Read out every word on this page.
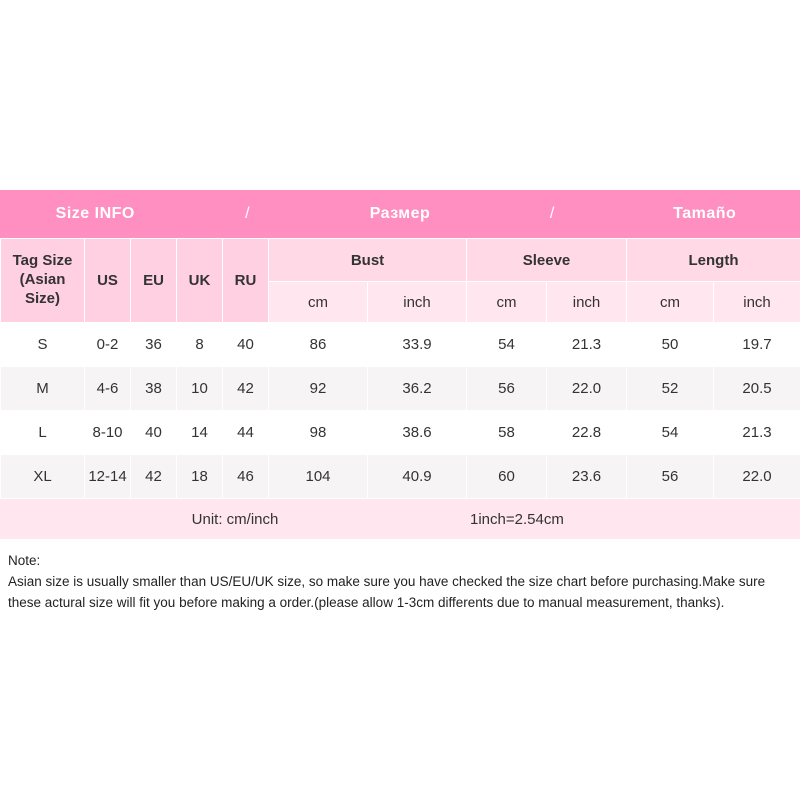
Size INFO	/	Размер	/	Tamaño
Tag Size
(Asian Size)	US	EU	UK	RU	Bust		Sleeve		Length	
					cm	inch	cm	inch	cm	inch
S	0-2	36	8	40	86	33.9	54	21.3	50	19.7
M	4-6	38	10	42	92	36.2	56	22.0	52	20.5
L	8-10	40	14	44	98	38.6	58	22.8	54	21.3
XL	12-14	42	18	46	104	40.9	60	23.6	56	22.0
Unit: cm/inch	1inch=2.54cm
Note:
Asian size is usually smaller than US/EU/UK size, so make sure you have checked the size chart before purchasing.Make sure these actural size will fit you before making a order.(please allow 1-3cm differents due to manual measurement, thanks).
